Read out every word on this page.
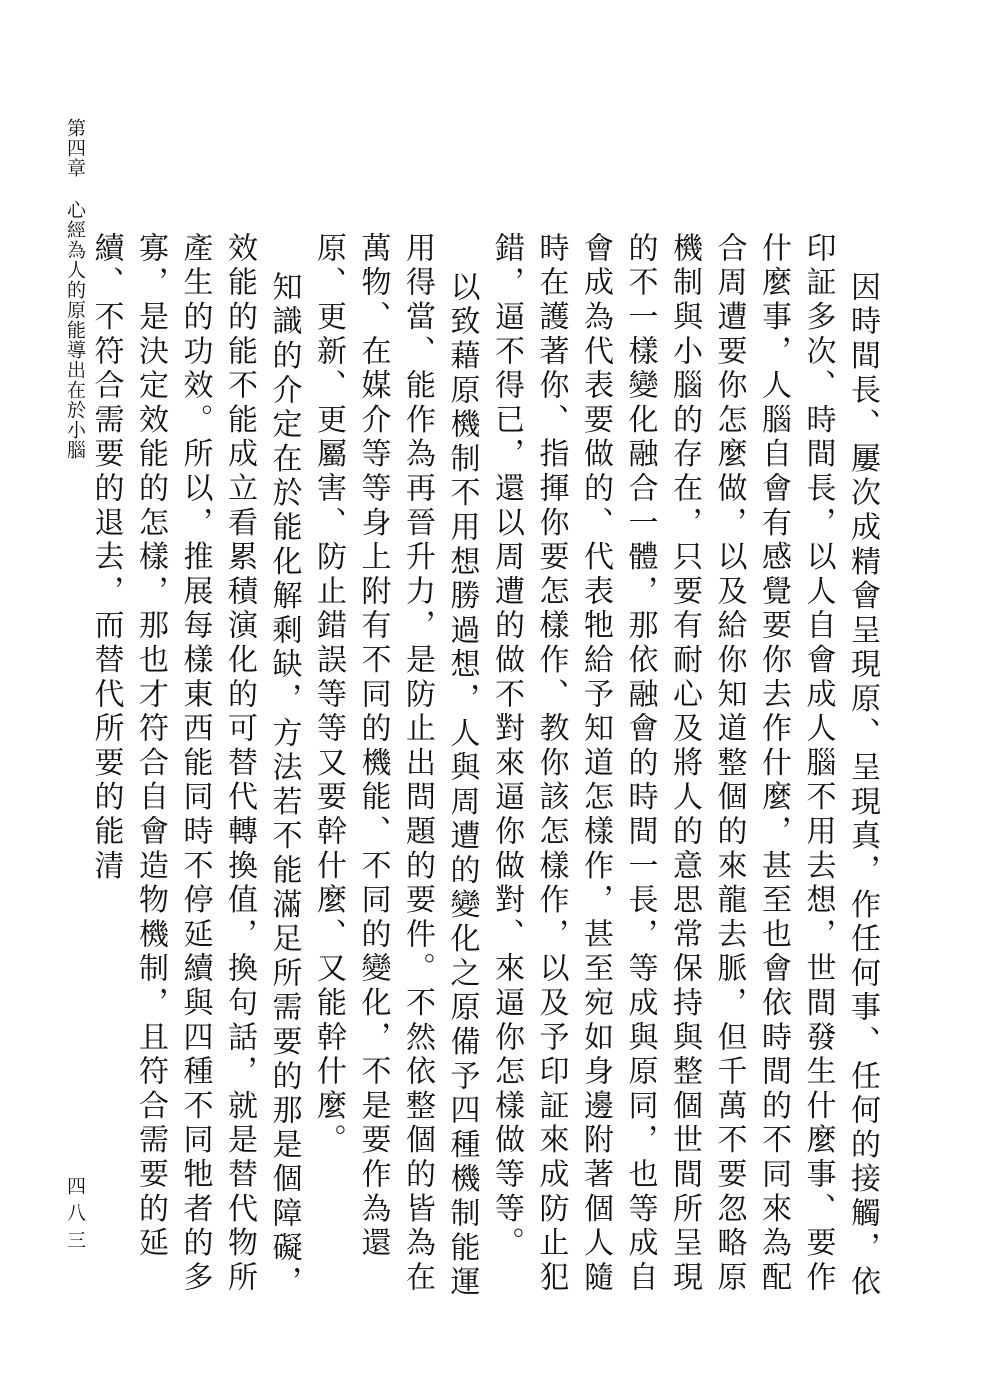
第四章心經為人的原能導出在於小腦
四八三	因時間長、屢次成精會呈現原、呈現真，作任何事、任何的接觸，依印証多次、時間長，以人自會成人腦不用去想，世間發生什麼事、要作什麼事，人腦自會有感覺要你去作什麼，甚至也會依時間的不同來為配合周遭要你怎麼做，以及給你知道整個的來龍去脈，但千萬不要忽略原機制與小腦的存在，只要有耐心及將人的意思常保持與整個世間所呈現的不一樣變化融合一體，那依融會的時間一長，等成與原同，也等成自會成為代表要做的、代表牠給予知道怎樣作，甚至宛如身邊附著個人隨時在護著你、指揮你要怎樣作、教你該怎樣作，以及予印証來成防止犯錯，逼不得已，還以周遭的做不對來逼你做對、來逼你怎樣做等等。

以致藉原機制不用想勝過想，人與周遭的變化之原備予四種機制能運用得當、能作為再晉升力，是防止出問題的要件。不然依整個的皆為在萬物、在媒介等等身上附有不同的機能、不同的變化，不是要作為還原、更新、更屬害、防止錯誤等等又要幹什麼、又能幹什麼。

知識的介定在於能化解剩缺，方法若不能滿足所需要的那是個障礙，效能的能不能成立看累積演化的可替代轉換值，換句話，就是替代物所產生的功效。所以，推展每樣東西能同時不停延續與四種不同牠者的多寡，是決定效能的怎樣，那也才符合自會造物機制，且符合需要的延續、不符合需要的退去，而替代所要的能清
